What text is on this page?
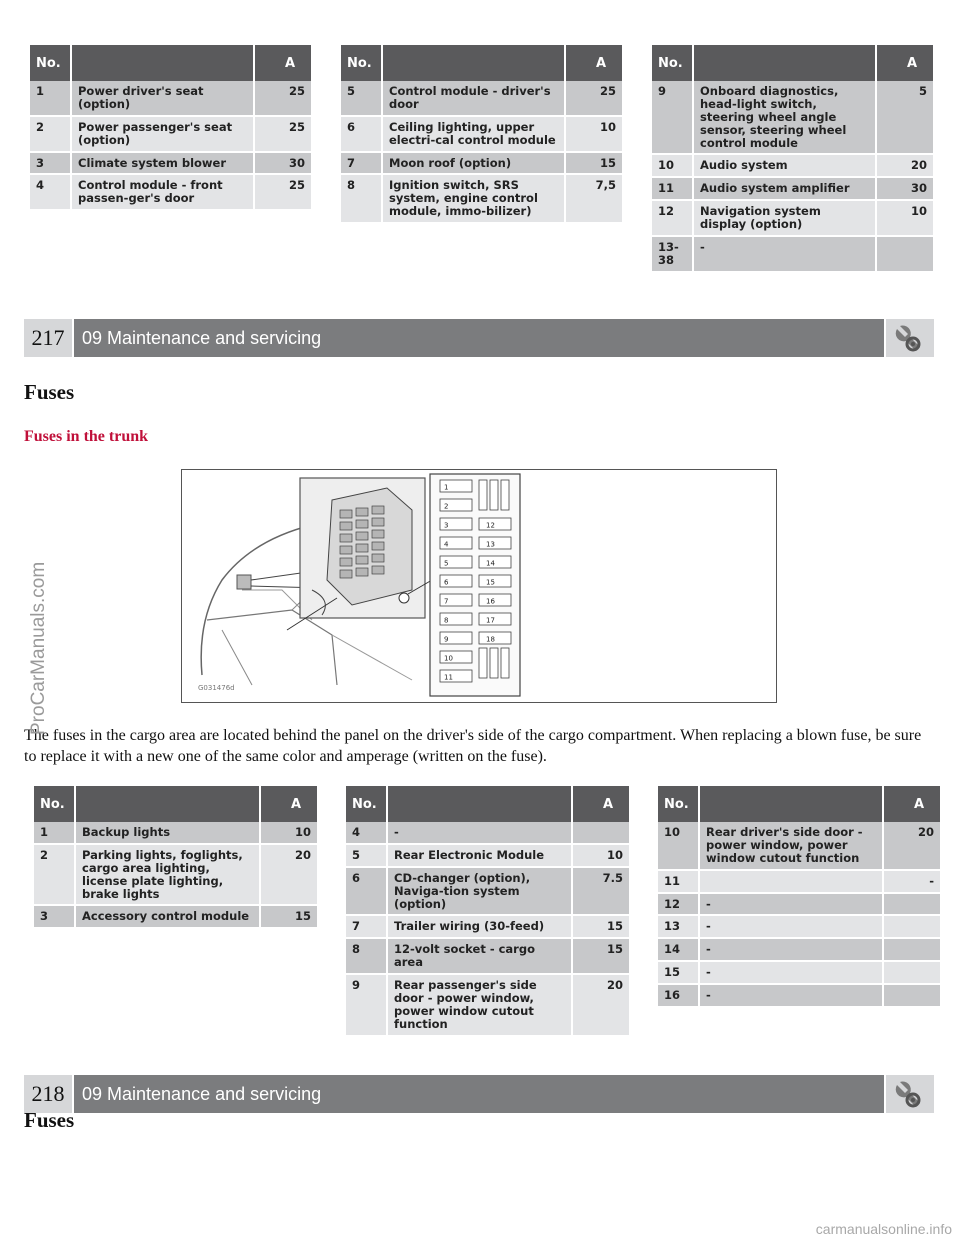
No.		A
1	Power driver's seat (option)	25
2	Power passenger's seat (option)	25
3	Climate system blower	30
4	Control module - front passen-ger's door	25
No.		A
5	Control module - driver's door	25
6	Ceiling lighting, upper electri-cal control module	10
7	Moon roof (option)	15
8	Ignition switch, SRS system, engine control module, immo-bilizer)	7,5
No.		A
9	Onboard diagnostics, head-light switch, steering wheel angle sensor, steering wheel control module	5
10	Audio system	20
11	Audio system amplifier	30
12	Navigation system display (option)	10
13-38	-	
217 09 Maintenance and servicing
Fuses
Fuses in the trunk
1
2
3
4
5
6
7
8
9
10
11
12
13
14
15
16
17
18
G031476d
The fuses in the cargo area are located behind the panel on the driver's side of the cargo compartment. When replacing a blown fuse, be sure to replace it with a new one of the same color and amperage (written on the fuse).
No.		A
1	Backup lights	10
2	Parking lights, foglights, cargo area lighting, license plate lighting, brake lights	20
3	Accessory control module	15
No.		A
4	-	
5	Rear Electronic Module	10
6	CD-changer (option), Naviga-tion system (option)	7.5
7	Trailer wiring (30-feed)	15
8	12-volt socket - cargo area	15
9	Rear passenger's side door - power window, power window cutout function	20
No.		A
10	Rear driver's side door - power window, power window cutout function	20
11		-
12	-	
13	-	
14	-	
15	-	
16	-	
218 09 Maintenance and servicing
Fuses
ProCarManuals.com
carmanualsonline.info
